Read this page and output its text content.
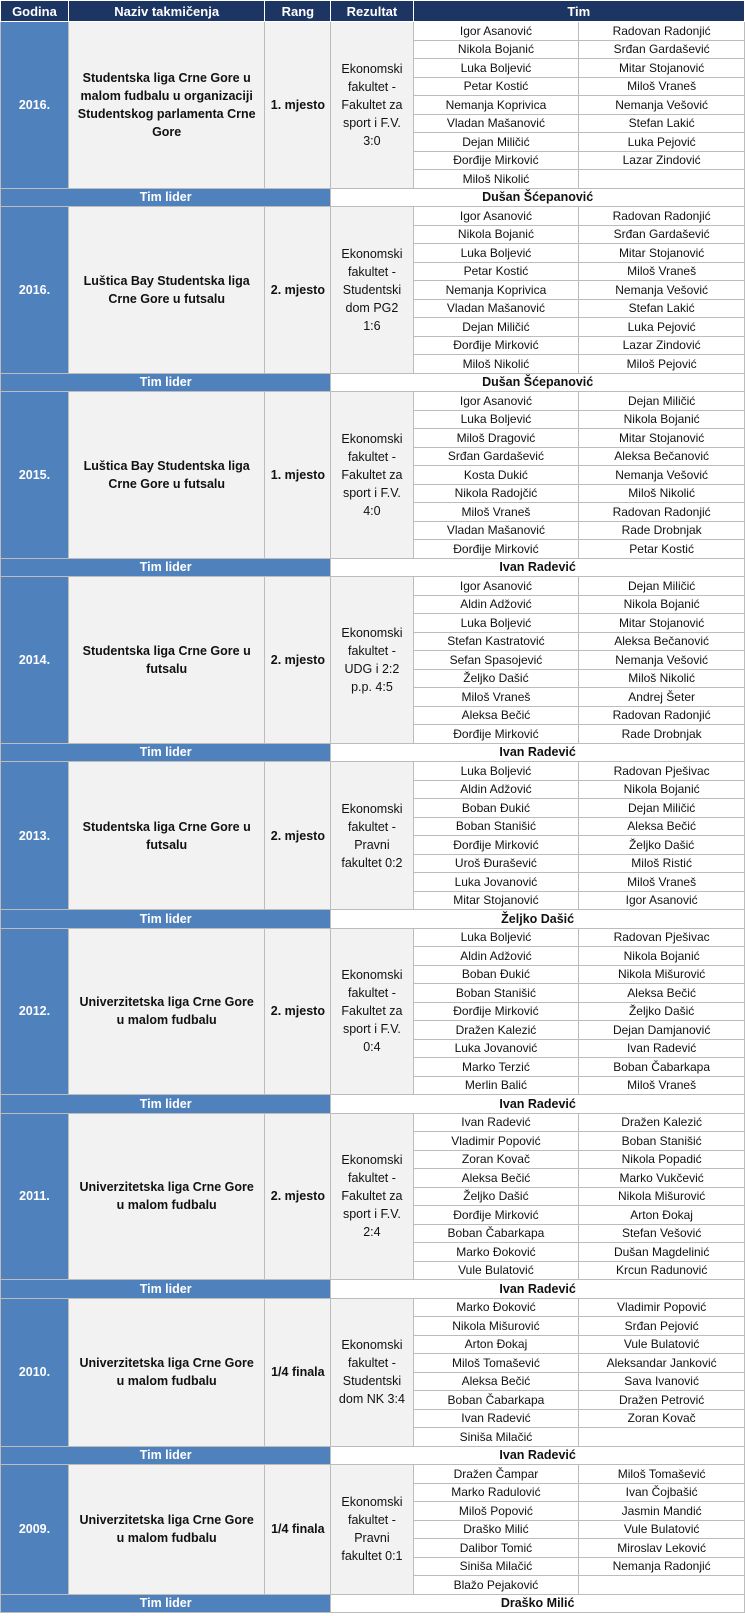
Godina	Naziv takmičenja	Rang	Rezultat	Tim	
2016.	Studentska liga Crne Gore u malom fudbalu u organizaciji Studentskog parlamenta Crne Gore	1. mjesto	Ekonomski fakultet - Fakultet za sport i F.V. 3:0	Igor Asanović	Radovan Radonjić
				Nikola Bojanić	Srđan Gardašević
				Luka Boljević	Mitar Stojanović
				Petar Kostić	Miloš Vraneš
				Nemanja Koprivica	Nemanja Vešović
				Vladan Mašanović	Stefan Lakić
				Dejan Miličić	Luka Pejović
				Đorđije Mirković	Lazar Zindović
				Miloš Nikolić	
Tim lider			Dušan Šćepanović		
2016.	Luštica Bay Studentska liga Crne Gore u futsalu	2. mjesto	Ekonomski fakultet - Studentski dom PG2 1:6	Igor Asanović	Radovan Radonjić
				Nikola Bojanić	Srđan Gardašević
				Luka Boljević	Mitar Stojanović
				Petar Kostić	Miloš Vraneš
				Nemanja Koprivica	Nemanja Vešović
				Vladan Mašanović	Stefan Lakić
				Dejan Miličić	Luka Pejović
				Đorđije Mirković	Lazar Zindović
				Miloš Nikolić	Miloš Pejović
Tim lider			Dušan Šćepanović		
2015.	Luštica Bay Studentska liga Crne Gore u futsalu	1. mjesto	Ekonomski fakultet - Fakultet za sport i F.V. 4:0	Igor Asanović	Dejan Miličić
				Luka Boljević	Nikola Bojanić
				Miloš Dragović	Mitar Stojanović
				Srđan Gardašević	Aleksa Bečanović
				Kosta Dukić	Nemanja Vešović
				Nikola Radojčić	Miloš Nikolić
				Miloš Vraneš	Radovan Radonjić
				Vladan Mašanović	Rade Drobnjak
				Đorđije Mirković	Petar Kostić
Tim lider			Ivan Radević		
2014.	Studentska liga Crne Gore u futsalu	2. mjesto	Ekonomski fakultet - UDG i 2:2 p.p. 4:5	Igor Asanović	Dejan Miličić
				Aldin Adžović	Nikola Bojanić
				Luka Boljević	Mitar Stojanović
				Stefan Kastratović	Aleksa Bečanović
				Sefan Spasojević	Nemanja Vešović
				Željko Dašić	Miloš Nikolić
				Miloš Vraneš	Andrej Šeter
				Aleksa Bečić	Radovan Radonjić
				Đorđije Mirković	Rade Drobnjak
Tim lider			Ivan Radević		
2013.	Studentska liga Crne Gore u futsalu	2. mjesto	Ekonomski fakultet - Pravni fakultet 0:2	Luka Boljević	Radovan Pješivac
				Aldin Adžović	Nikola Bojanić
				Boban Đukić	Dejan Miličić
				Boban Stanišić	Aleksa Bečić
				Đorđije Mirković	Željko Dašić
				Uroš Đurašević	Miloš Ristić
				Luka Jovanović	Miloš Vraneš
				Mitar Stojanović	Igor Asanović
Tim lider			Željko Dašić		
2012.	Univerzitetska liga Crne Gore u malom fudbalu	2. mjesto	Ekonomski fakultet - Fakultet za sport i F.V. 0:4	Luka Boljević	Radovan Pješivac
				Aldin Adžović	Nikola Bojanić
				Boban Đukić	Nikola Mišurović
				Boban Stanišić	Aleksa Bečić
				Đorđije Mirković	Željko Dašić
				Dražen Kalezić	Dejan Damjanović
				Luka Jovanović	Ivan Radević
				Marko Terzić	Boban Čabarkapa
				Merlin Balić	Miloš Vraneš
Tim lider			Ivan Radević		
2011.	Univerzitetska liga Crne Gore u malom fudbalu	2. mjesto	Ekonomski fakultet - Fakultet za sport i F.V. 2:4	Ivan Radević	Dražen Kalezić
				Vladimir Popović	Boban Stanišić
				Zoran Kovač	Nikola Popadić
				Aleksa Bečić	Marko Vukčević
				Željko Dašić	Nikola Mišurović
				Đorđije Mirković	Arton Đokaj
				Boban Čabarkapa	Stefan Vešović
				Marko Đoković	Dušan Magdelinić
				Vule Bulatović	Krcun Radunović
Tim lider			Ivan Radević		
2010.	Univerzitetska liga Crne Gore u malom fudbalu	1/4 finala	Ekonomski fakultet - Studentski dom NK 3:4	Marko Đoković	Vladimir Popović
				Nikola Mišurović	Srđan Pejović
				Arton Đokaj	Vule Bulatović
				Miloš Tomašević	Aleksandar Janković
				Aleksa Bečić	Sava Ivanović
				Boban Čabarkapa	Dražen Petrović
				Ivan Radević	Zoran Kovač
				Siniša Milačić	
Tim lider			Ivan Radević		
2009.	Univerzitetska liga Crne Gore u malom fudbalu	1/4 finala	Ekonomski fakultet - Pravni fakultet 0:1	Dražen Čampar	Miloš Tomašević
				Marko Radulović	Ivan Čojbašić
				Miloš Popović	Jasmin Mandić
				Draško Milić	Vule Bulatović
				Dalibor Tomić	Miroslav Leković
				Siniša Milačić	Nemanja Radonjić
				Blažo Pejaković	
Tim lider			Draško Milić		
